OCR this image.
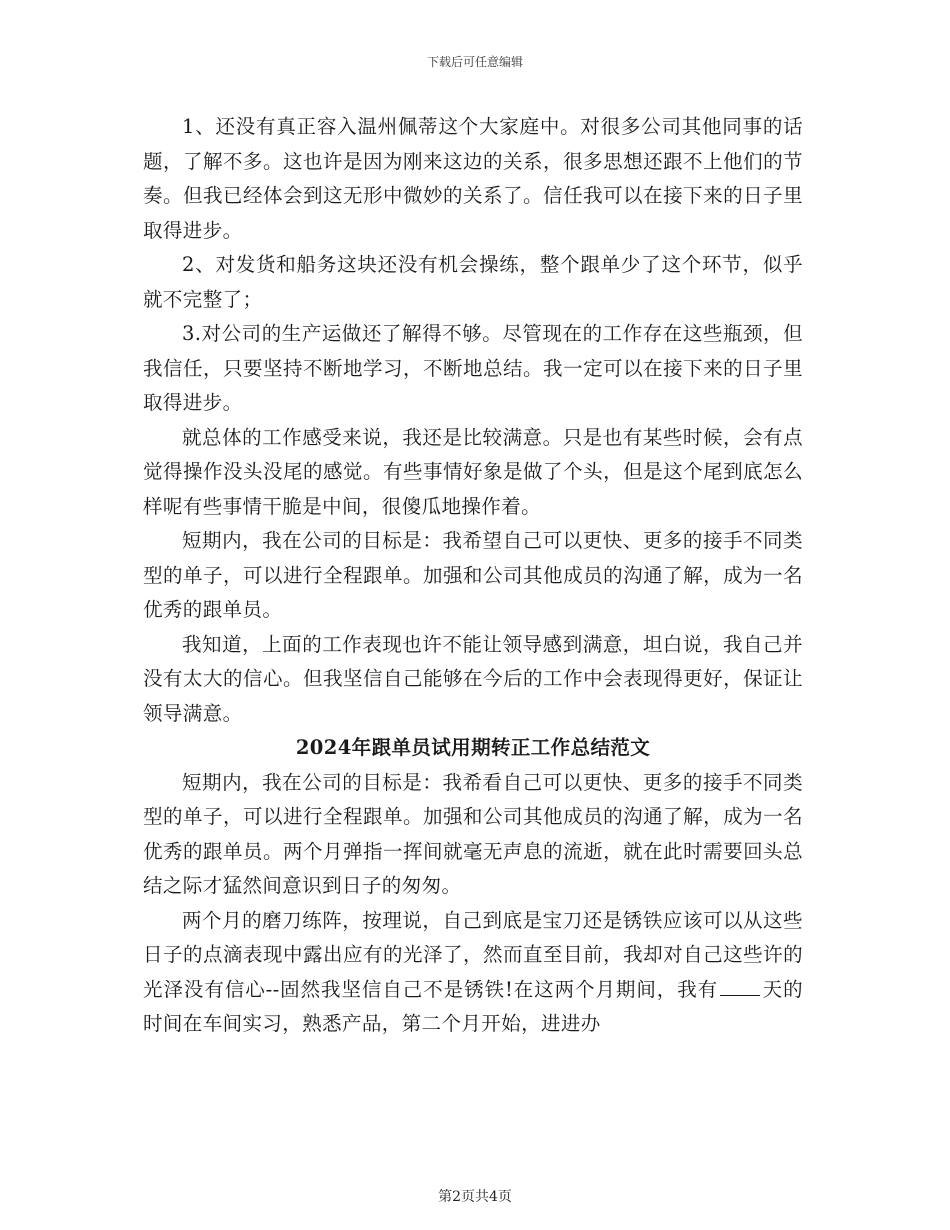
下载后可任意编辑

1、还没有真正容入温州佩蒂这个大家庭中。对很多公司其他同事的话题，了解不多。这也许是因为刚来这边的关系，很多思想还跟不上他们的节奏。但我已经体会到这无形中微妙的关系了。信任我可以在接下来的日子里取得进步。

2、对发货和船务这块还没有机会操练，整个跟单少了这个环节，似乎就不完整了；

3.对公司的生产运做还了解得不够。尽管现在的工作存在这些瓶颈，但我信任，只要坚持不断地学习，不断地总结。我一定可以在接下来的日子里取得进步。

就总体的工作感受来说，我还是比较满意。只是也有某些时候，会有点觉得操作没头没尾的感觉。有些事情好象是做了个头，但是这个尾到底怎么样呢有些事情干脆是中间，很傻瓜地操作着。

短期内，我在公司的目标是：我希望自己可以更快、更多的接手不同类型的单子，可以进行全程跟单。加强和公司其他成员的沟通了解，成为一名优秀的跟单员。

我知道，上面的工作表现也许不能让领导感到满意，坦白说，我自己并没有太大的信心。但我坚信自己能够在今后的工作中会表现得更好，保证让领导满意。

2024年跟单员试用期转正工作总结范文

短期内，我在公司的目标是：我希看自己可以更快、更多的接手不同类型的单子，可以进行全程跟单。加强和公司其他成员的沟通了解，成为一名优秀的跟单员。两个月弹指一挥间就毫无声息的流逝，就在此时需要回头总结之际才猛然间意识到日子的匆匆。

两个月的磨刀练阵，按理说，自己到底是宝刀还是锈铁应该可以从这些日子的点滴表现中露出应有的光泽了，然而直至目前，我却对自己这些许的光泽没有信心--固然我坚信自己不是锈铁!在这两个月期间，我有 天的时间在车间实习，熟悉产品，第二个月开始，进进办

第2页共4页
